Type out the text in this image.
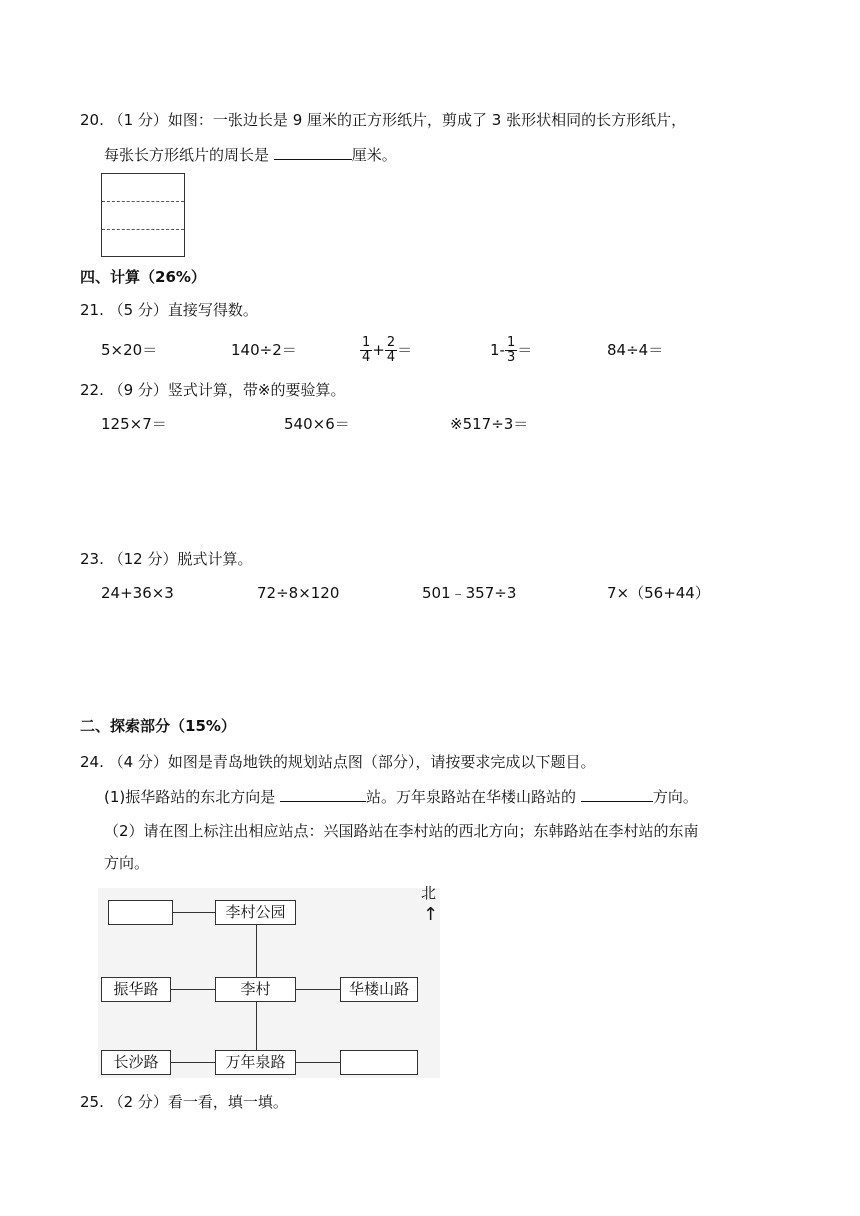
20. （1 分）如图：一张边长是 9 厘米的正方形纸片，剪成了 3 张形状相同的长方形纸片，
每张长方形纸片的周长是	厘米。
四、计算（26%）
21. （5 分）直接写得数。
5×20＝	140÷2＝	$\frac{1}{4} + \frac{2}{4}$ ＝	$1- \frac{1}{3}$ ＝	84÷4＝
22. （9 分）竖式计算，带※的要验算。
125×7＝	540×6＝	※517÷3＝
23. （12 分）脱式计算。
24+36×3	72÷8×120	501﹣357÷3	7×（56+44）
二、探索部分（15%）
24. （4 分）如图是青岛地铁的规划站点图（部分），请按要求完成以下题目。
(1)振华路站的东北方向是	站。万年泉路站在华楼山路站的	方向。
（2）请在图上标注出相应站点：兴国路站在李村站的西北方向；东韩路站在李村站的东南
方向。
李村公园
振华路	李村	华楼山路
长沙路	万年泉路
北
↑
25. （2 分）看一看，填一填。
